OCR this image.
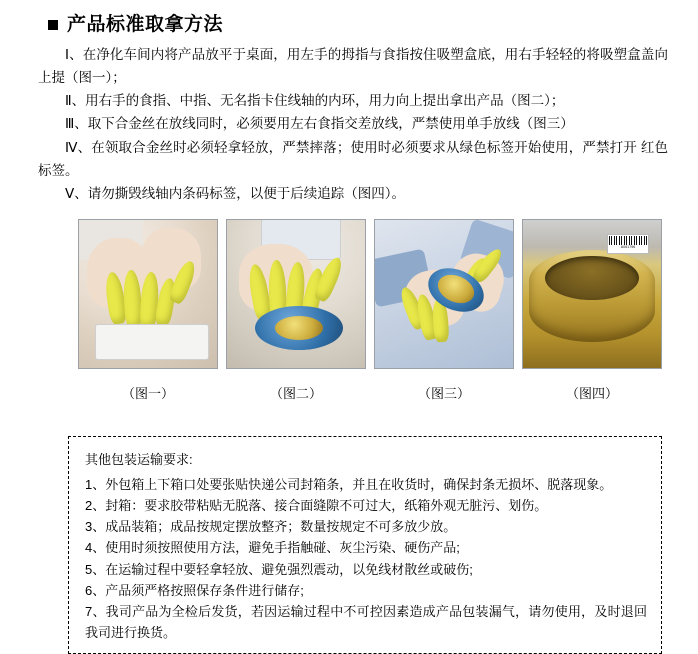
产品标准取拿方法

Ⅰ、在净化车间内将产品放平于桌面，用左手的拇指与食指按住吸塑盒底，用右手轻轻的将吸塑盒盖向上提（图一）；

Ⅱ、用右手的食指、中指、无名指卡住线轴的内环，用力向上提出拿出产品（图二）；

Ⅲ、取下合金丝在放线同时，必须要用左右食指交差放线，严禁使用单手放线（图三）

Ⅳ、在领取合金丝时必须轻拿轻放，严禁摔落；使用时必须要求从绿色标签开始使用，严禁打开 红色标签。

Ⅴ、请勿撕毁线轴内条码标签，以便于后续追踪（图四）。

（图一）	（图二）	（图三）
A061796
（图四）
其他包装运输要求:
1、外包箱上下箱口处要张贴快递公司封箱条，并且在收货时，确保封条无损坏、脱落现象。
2、封箱：要求胶带粘贴无脱落、接合面缝隙不可过大，纸箱外观无脏污、划伤。
3、成品装箱；成品按规定摆放整齐；数量按规定不可多放少放。
4、使用时须按照使用方法，避免手指触碰、灰尘污染、硬伤产品;
5、在运输过程中要轻拿轻放、避免强烈震动，以免线材散丝或破伤;
6、产品须严格按照保存条件进行储存;
7、我司产品为全检后发货，若因运输过程中不可控因素造成产品包装漏气，请勿使用，及时退回我司进行换货。
